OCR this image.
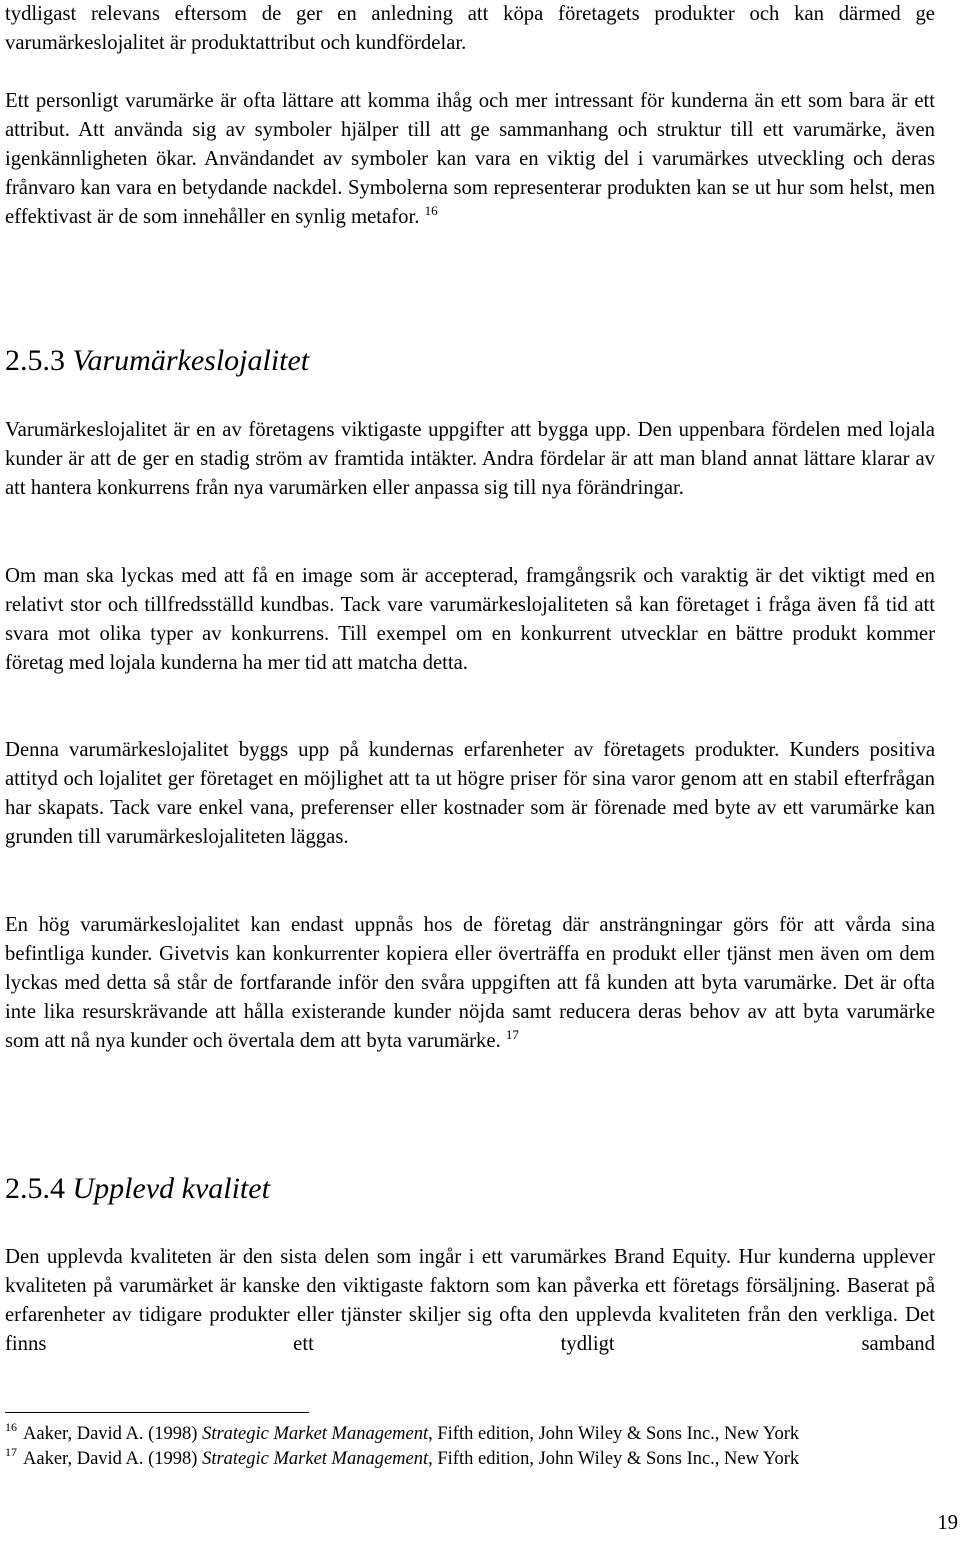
tydligast relevans eftersom de ger en anledning att köpa företagets produkter och kan därmed ge varumärkeslojalitet är produktattribut och kundfördelar.

Ett personligt varumärke är ofta lättare att komma ihåg och mer intressant för kunderna än ett som bara är ett attribut. Att använda sig av symboler hjälper till att ge sammanhang och struktur till ett varumärke, även igenkännligheten ökar. Användandet av symboler kan vara en viktig del i varumärkes utveckling och deras frånvaro kan vara en betydande nackdel. Symbolerna som representerar produkten kan se ut hur som helst, men effektivast är de som innehåller en synlig metafor. $^{16}$

2.5.3 Varumärkeslojalitet

Varumärkeslojalitet är en av företagens viktigaste uppgifter att bygga upp. Den uppenbara fördelen med lojala kunder är att de ger en stadig ström av framtida intäkter. Andra fördelar är att man bland annat lättare klarar av att hantera konkurrens från nya varumärken eller anpassa sig till nya förändringar.

Om man ska lyckas med att få en image som är accepterad, framgångsrik och varaktig är det viktigt med en relativt stor och tillfredsställd kundbas. Tack vare varumärkeslojaliteten så kan företaget i fråga även få tid att svara mot olika typer av konkurrens. Till exempel om en konkurrent utvecklar en bättre produkt kommer företag med lojala kunderna ha mer tid att matcha detta.

Denna varumärkeslojalitet byggs upp på kundernas erfarenheter av företagets produkter. Kunders positiva attityd och lojalitet ger företaget en möjlighet att ta ut högre priser för sina varor genom att en stabil efterfrågan har skapats. Tack vare enkel vana, preferenser eller kostnader som är förenade med byte av ett varumärke kan grunden till varumärkeslojaliteten läggas.

En hög varumärkeslojalitet kan endast uppnås hos de företag där ansträngningar görs för att vårda sina befintliga kunder. Givetvis kan konkurrenter kopiera eller överträffa en produkt eller tjänst men även om dem lyckas med detta så står de fortfarande inför den svåra uppgiften att få kunden att byta varumärke. Det är ofta inte lika resurskrävande att hålla existerande kunder nöjda samt reducera deras behov av att byta varumärke som att nå nya kunder och övertala dem att byta varumärke. $^{17}$

2.5.4 Upplevd kvalitet

Den upplevda kvaliteten är den sista delen som ingår i ett varumärkes Brand Equity. Hur kunderna upplever kvaliteten på varumärket är kanske den viktigaste faktorn som kan påverka ett företags försäljning. Baserat på erfarenheter av tidigare produkter eller tjänster skiljer sig ofta den upplevda kvaliteten från den verkliga. Det finns ett tydligt samband

$^{16}$ Aaker, David A. (1998) Strategic Market Management, Fifth edition, John Wiley & Sons Inc., New York
$^{17}$ Aaker, David A. (1998) Strategic Market Management, Fifth edition, John Wiley & Sons Inc., New York
19
